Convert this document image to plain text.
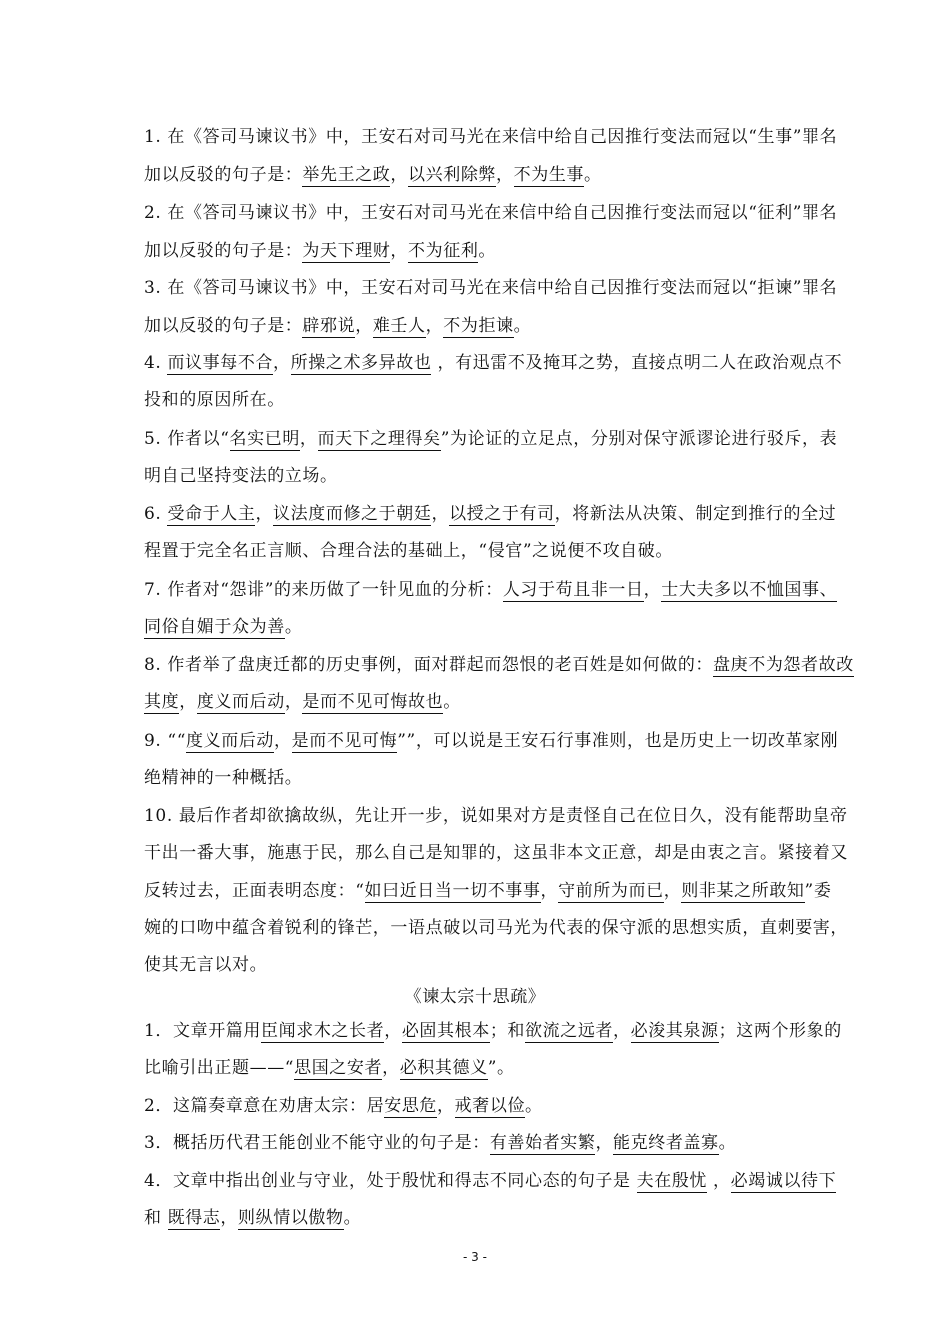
1. 在《答司马谏议书》中，王安石对司马光在来信中给自己因推行变法而冠以“生事”罪名
加以反驳的句子是：举先王之政，以兴利除弊，不为生事。
2. 在《答司马谏议书》中，王安石对司马光在来信中给自己因推行变法而冠以“征利”罪名
加以反驳的句子是：为天下理财，不为征利。
3. 在《答司马谏议书》中，王安石对司马光在来信中给自己因推行变法而冠以“拒谏”罪名
加以反驳的句子是：辟邪说，难壬人，不为拒谏。
4. 而议事每不合，所操之术多异故也 ，有迅雷不及掩耳之势，直接点明二人在政治观点不
投和的原因所在。
5. 作者以“名实已明，而天下之理得矣”为论证的立足点，分别对保守派谬论进行驳斥，表
明自己坚持变法的立场。
6. 受命于人主，议法度而修之于朝廷，以授之于有司，将新法从决策、制定到推行的全过
程置于完全名正言顺、合理合法的基础上，“侵官”之说便不攻自破。
7. 作者对“怨诽”的来历做了一针见血的分析：人习于苟且非一日，士大夫多以不恤国事、
同俗自媚于众为善。
8. 作者举了盘庚迁都的历史事例，面对群起而怨恨的老百姓是如何做的：盘庚不为怨者故改
其度，度义而后动，是而不见可悔故也。
9. ““度义而后动，是而不见可悔””，可以说是王安石行事准则，也是历史上一切改革家刚
绝精神的一种概括。
10. 最后作者却欲擒故纵，先让开一步，说如果对方是责怪自己在位日久，没有能帮助皇帝
干出一番大事，施惠于民，那么自己是知罪的，这虽非本文正意，却是由衷之言。紧接着又
反转过去，正面表明态度：“如曰近日当一切不事事，守前所为而已，则非某之所敢知”委
婉的口吻中蕴含着锐利的锋芒，一语点破以司马光为代表的保守派的思想实质，直刺要害，
使其无言以对。
1．文章开篇用臣闻求木之长者，必固其根本；和欲流之远者，必浚其泉源；这两个形象的
比喻引出正题——“思国之安者，必积其德义”。
2．这篇奏章意在劝唐太宗：居安思危，戒奢以俭。
3．概括历代君王能创业不能守业的句子是：有善始者实繁，能克终者盖寡。
4．文章中指出创业与守业，处于殷忧和得志不同心态的句子是 夫在殷忧 ，必竭诚以待下
和 既得志，则纵情以傲物。
《谏太宗十思疏》
- 3 -
